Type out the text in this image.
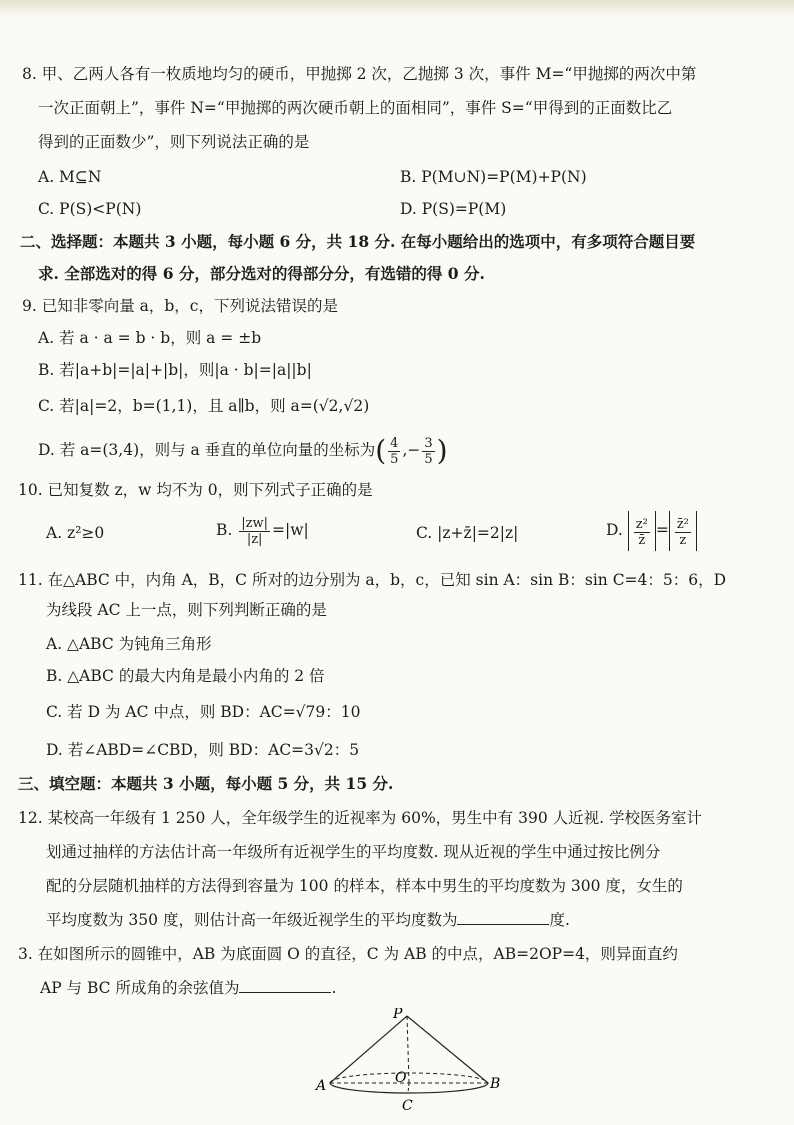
8. 甲、乙两人各有一枚质地均匀的硬币，甲抛掷 2 次，乙抛掷 3 次，事件 M=“甲抛掷的两次中第
一次正面朝上”，事件 N=“甲抛掷的两次硬币朝上的面相同”，事件 S=“甲得到的正面数比乙
得到的正面数少”，则下列说法正确的是
A. M⊆N	B. P(M∪N)=P(M)+P(N)
C. P(S)<P(N)	D. P(S)=P(M)
二、选择题：本题共 3 小题，每小题 6 分，共 18 分. 在每小题给出的选项中，有多项符合题目要
求. 全部选对的得 6 分，部分选对的得部分分，有选错的得 0 分.
9. 已知非零向量 a，b，c，下列说法错误的是
A. 若 a · a = b · b，则 a = ±b
B. 若|a+b|=|a|+|b|，则|a · b|=|a||b|
C. 若|a|=2，b=(1,1)，且 a∥b，则 a=(√2,√2)
D. 若 a=(3,4)，则与 a 垂直的单位向量的坐标为( $\frac{4}{5}$ ,− $\frac{3}{5}$ )
10. 已知复数 z，w 均不为 0，则下列式子正确的是
A. z²≥0	B. $\frac{|zw|}{|z|} =|w|$	C. |z+z̄|=2|z|	D. $\frac{\text{z²}}{z̄} = \frac{\text{z̄²}}{z}$
11. 在△ABC 中，内角 A，B，C 所对的边分别为 a，b，c，已知 sin A：sin B：sin C=4：5：6，D
为线段 AC 上一点，则下列判断正确的是
A. △ABC 为钝角三角形
B. △ABC 的最大内角是最小内角的 2 倍
C. 若 D 为 AC 中点，则 BD：AC=√79：10
D. 若∠ABD=∠CBD，则 BD：AC=3√2：5
三、填空题：本题共 3 小题，每小题 5 分，共 15 分.
12. 某校高一年级有 1 250 人，全年级学生的近视率为 60%，男生中有 390 人近视. 学校医务室计
划通过抽样的方法估计高一年级所有近视学生的平均度数. 现从近视的学生中通过按比例分
配的分层随机抽样的方法得到容量为 100 的样本，样本中男生的平均度数为 300 度，女生的
平均度数为 350 度，则估计高一年级近视学生的平均度数为	度.
3. 在如图所示的圆锥中，AB 为底面圆 O 的直径，C 为 AB 的中点，AB=2OP=4，则异面直约
AP 与 BC 所成角的余弦值为	.
P
O
A	B
C
